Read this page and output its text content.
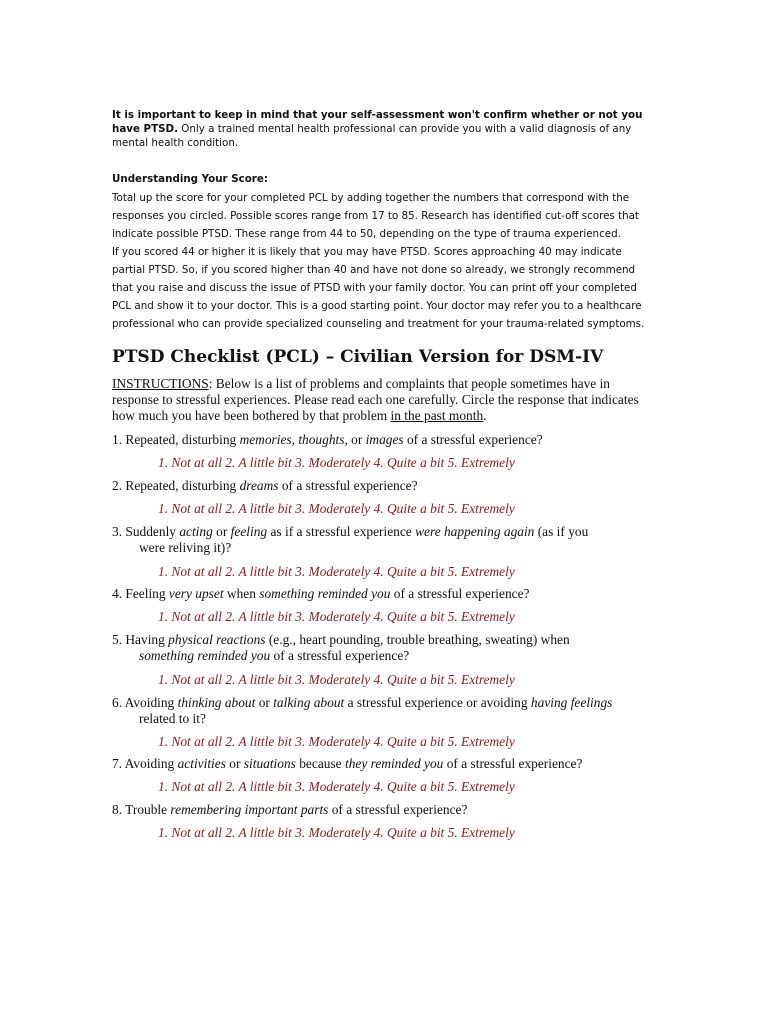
It is important to keep in mind that your self-assessment won't confirm whether or not you have PTSD. Only a trained mental health professional can provide you with a valid diagnosis of any mental health condition.
Understanding Your Score:

Total up the score for your completed PCL by adding together the numbers that correspond with the responses you circled. Possible scores range from 17 to 85. Research has identified cut-off scores that indicate possible PTSD. These range from 44 to 50, depending on the type of trauma experienced.

If you scored 44 or higher it is likely that you may have PTSD. Scores approaching 40 may indicate partial PTSD. So, if you scored higher than 40 and have not done so already, we strongly recommend that you raise and discuss the issue of PTSD with your family doctor. You can print off your completed PCL and show it to your doctor. This is a good starting point. Your doctor may refer you to a healthcare professional who can provide specialized counseling and treatment for your trauma-related symptoms.

PTSD Checklist (PCL) – Civilian Version for DSM-IV
INSTRUCTIONS: Below is a list of problems and complaints that people sometimes have in response to stressful experiences. Please read each one carefully. Circle the response that indicates how much you have been bothered by that problem in the past month.
1. Repeated, disturbing memories, thoughts, or images of a stressful experience?
1. Not at all 2. A little bit 3. Moderately 4. Quite a bit 5. Extremely
2. Repeated, disturbing dreams of a stressful experience?
1. Not at all 2. A little bit 3. Moderately 4. Quite a bit 5. Extremely
3. Suddenly acting or feeling as if a stressful experience were happening again (as if you
were reliving it)?
1. Not at all 2. A little bit 3. Moderately 4. Quite a bit 5. Extremely
4. Feeling very upset when something reminded you of a stressful experience?
1. Not at all 2. A little bit 3. Moderately 4. Quite a bit 5. Extremely
5. Having physical reactions (e.g., heart pounding, trouble breathing, sweating) when
something reminded you of a stressful experience?
1. Not at all 2. A little bit 3. Moderately 4. Quite a bit 5. Extremely
6. Avoiding thinking about or talking about a stressful experience or avoiding having feelings
related to it?
1. Not at all 2. A little bit 3. Moderately 4. Quite a bit 5. Extremely
7. Avoiding activities or situations because they reminded you of a stressful experience?
1. Not at all 2. A little bit 3. Moderately 4. Quite a bit 5. Extremely
8. Trouble remembering important parts of a stressful experience?
1. Not at all 2. A little bit 3. Moderately 4. Quite a bit 5. Extremely
